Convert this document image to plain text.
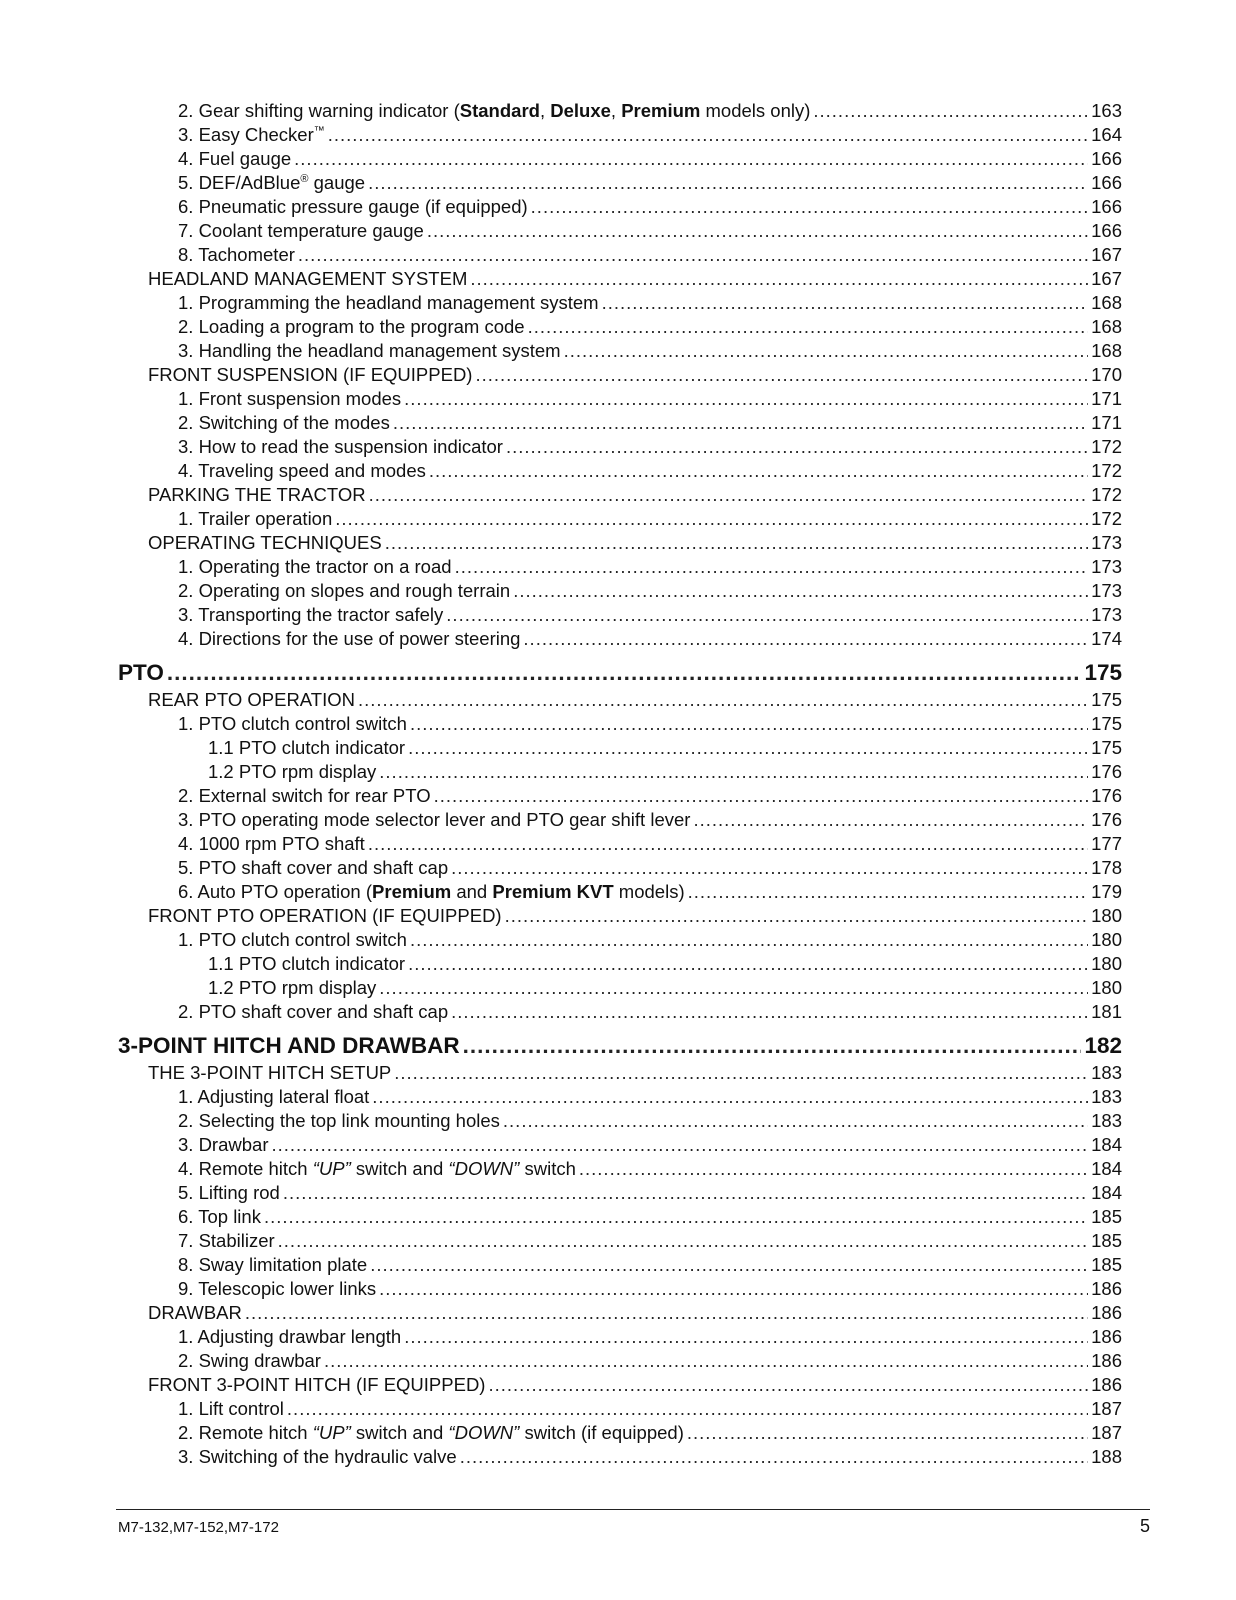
2. Gear shifting warning indicator (Standard, Deluxe, Premium models only) .....	163
3. Easy Checker™ .....	164
4. Fuel gauge .....	166
5. DEF/AdBlue® gauge .....	166
6. Pneumatic pressure gauge (if equipped) .....	166
7. Coolant temperature gauge .....	166
8. Tachometer .....	167
HEADLAND MANAGEMENT SYSTEM .....	167
1. Programming the headland management system .....	168
2. Loading a program to the program code .....	168
3. Handling the headland management system .....	168
FRONT SUSPENSION (IF EQUIPPED) .....	170
1. Front suspension modes .....	171
2. Switching of the modes .....	171
3. How to read the suspension indicator .....	172
4. Traveling speed and modes .....	172
PARKING THE TRACTOR .....	172
1. Trailer operation .....	172
OPERATING TECHNIQUES .....	173
1. Operating the tractor on a road .....	173
2. Operating on slopes and rough terrain .....	173
3. Transporting the tractor safely .....	173
4. Directions for the use of power steering .....	174
PTO .....	175
REAR PTO OPERATION .....	175
1. PTO clutch control switch .....	175
1.1 PTO clutch indicator .....	175
1.2 PTO rpm display .....	176
2. External switch for rear PTO .....	176
3. PTO operating mode selector lever and PTO gear shift lever .....	176
4. 1000 rpm PTO shaft .....	177
5. PTO shaft cover and shaft cap .....	178
6. Auto PTO operation (Premium and Premium KVT models) .....	179
FRONT PTO OPERATION (IF EQUIPPED) .....	180
1. PTO clutch control switch .....	180
1.1 PTO clutch indicator .....	180
1.2 PTO rpm display .....	180
2. PTO shaft cover and shaft cap .....	181
3-POINT HITCH AND DRAWBAR .....	182
THE 3-POINT HITCH SETUP .....	183
1. Adjusting lateral float .....	183
2. Selecting the top link mounting holes .....	183
3. Drawbar .....	184
4. Remote hitch “UP” switch and “DOWN” switch .....	184
5. Lifting rod .....	184
6. Top link .....	185
7. Stabilizer .....	185
8. Sway limitation plate .....	185
9. Telescopic lower links .....	186
DRAWBAR .....	186
1. Adjusting drawbar length .....	186
2. Swing drawbar .....	186
FRONT 3-POINT HITCH (IF EQUIPPED) .....	186
1. Lift control .....	187
2. Remote hitch “UP” switch and “DOWN” switch (if equipped) .....	187
3. Switching of the hydraulic valve .....	188
M7-132,M7-152,M7-172	5
